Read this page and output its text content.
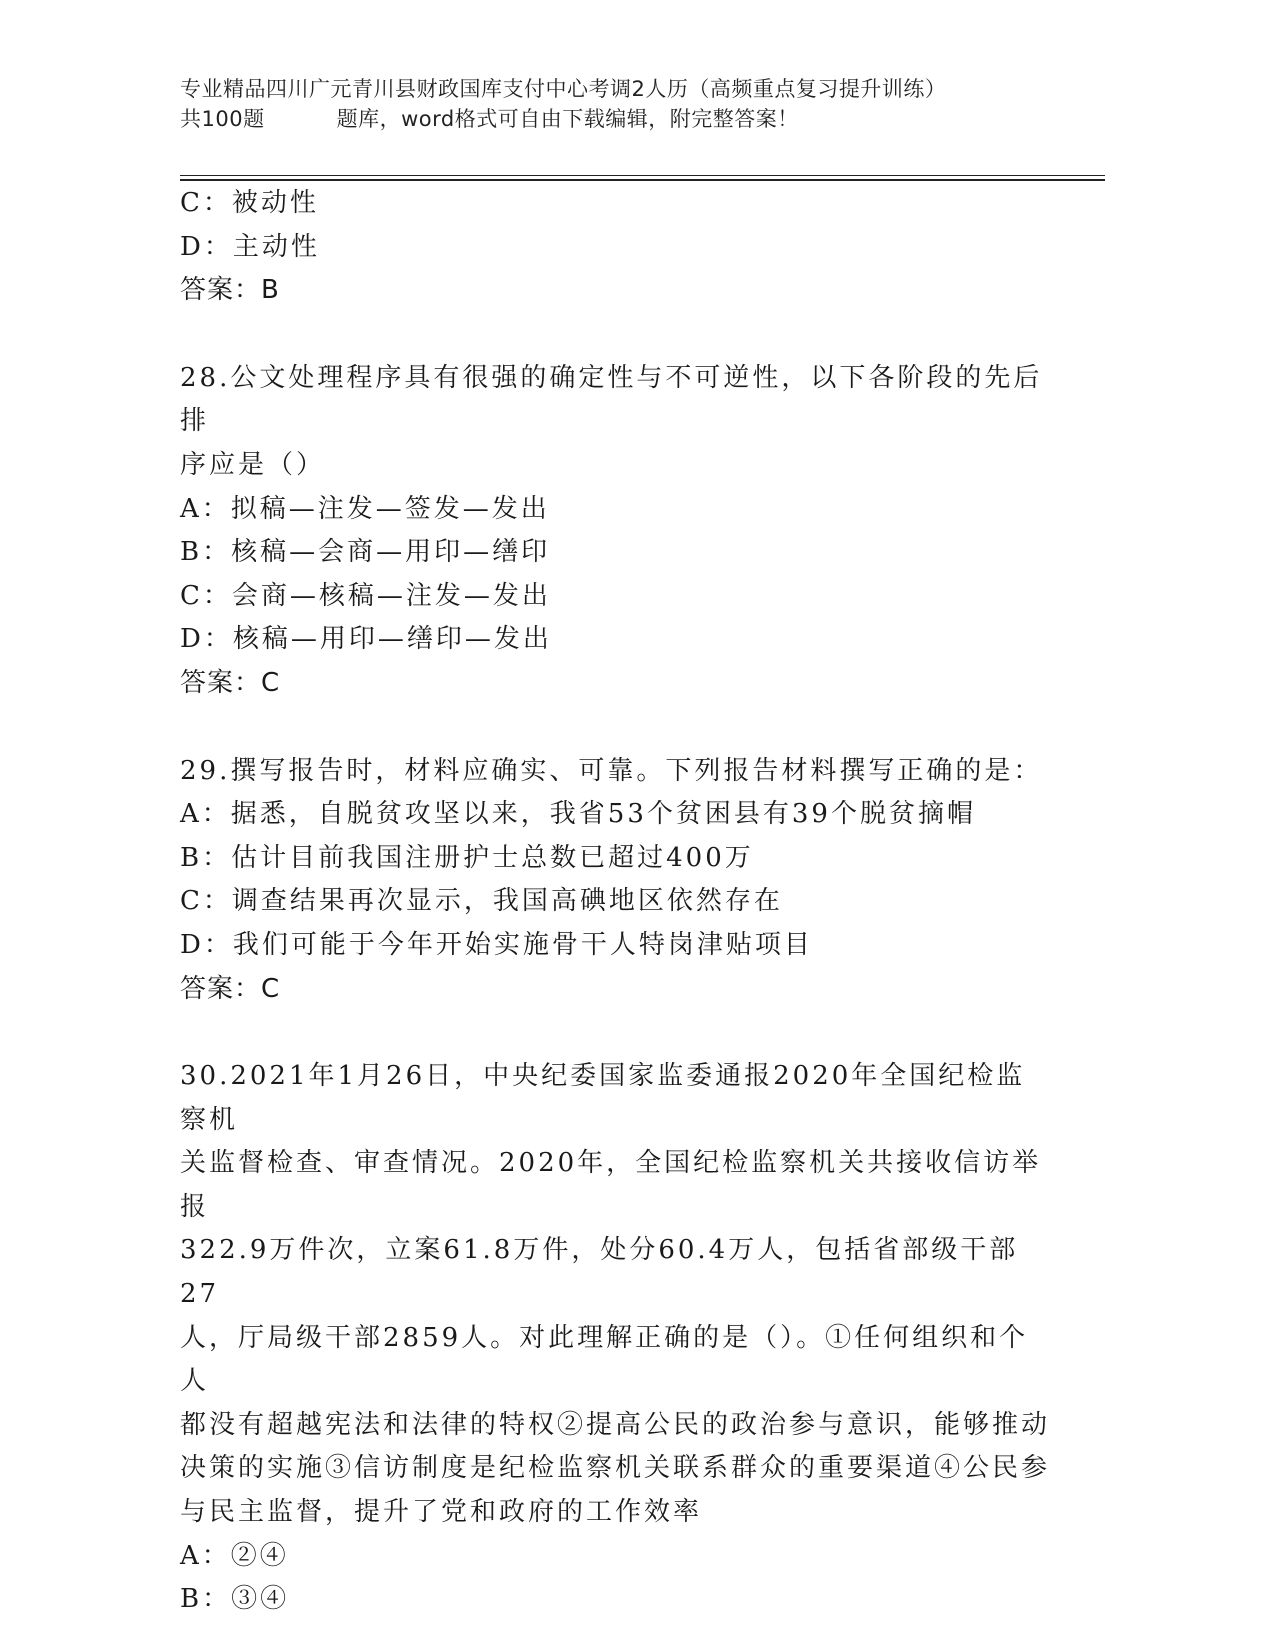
专业精品四川广元青川县财政国库支付中心考调2人历（高频重点复习提升训练）
共100题	题库，word格式可自由下载编辑，附完整答案！
C：被动性
D：主动性
答案：B
28.公文处理程序具有很强的确定性与不可逆性，以下各阶段的先后排
序应是（）
A：拟稿—注发—签发—发出
B：核稿—会商—用印—缮印
C：会商—核稿—注发—发出
D：核稿—用印—缮印—发出
答案：C
29.撰写报告时，材料应确实、可靠。下列报告材料撰写正确的是：
A：据悉，自脱贫攻坚以来，我省53个贫困县有39个脱贫摘帽
B：估计目前我国注册护士总数已超过400万
C：调查结果再次显示，我国高碘地区依然存在
D：我们可能于今年开始实施骨干人特岗津贴项目
答案：C
30.2021年1月26日，中央纪委国家监委通报2020年全国纪检监察机
关监督检查、审查情况。2020年，全国纪检监察机关共接收信访举报
322.9万件次，立案61.8万件，处分60.4万人，包括省部级干部27
人，厅局级干部2859人。对此理解正确的是（）。①任何组织和个人
都没有超越宪法和法律的特权②提高公民的政治参与意识，能够推动
决策的实施③信访制度是纪检监察机关联系群众的重要渠道④公民参
与民主监督，提升了党和政府的工作效率
A：②④
B：③④
